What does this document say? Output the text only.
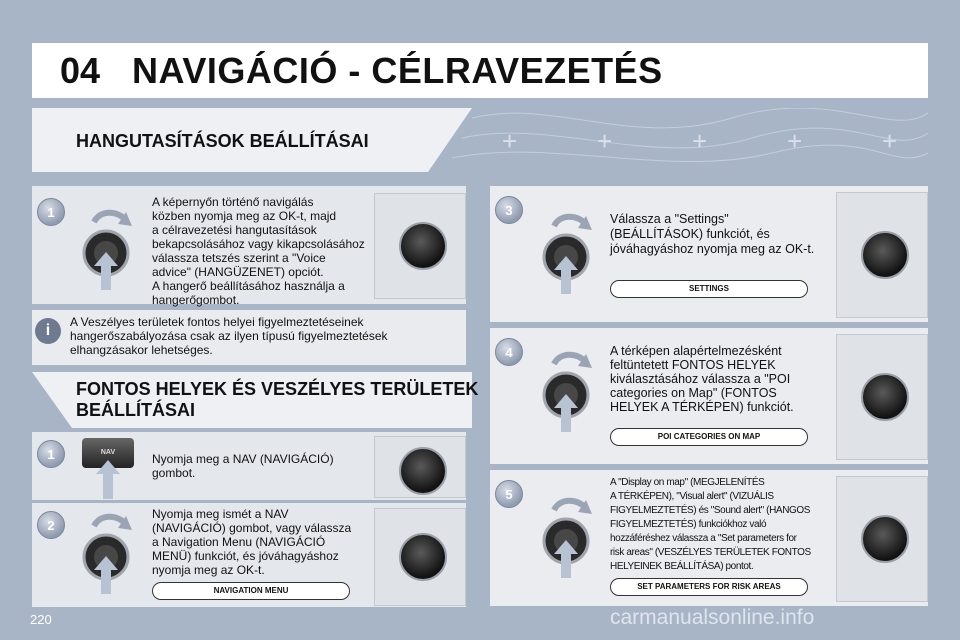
04 NAVIGÁCIÓ - CÉLRAVEZETÉS
+	+	+	+	+
HANGUTASÍTÁSOK BEÁLLÍTÁSAI
1
A képernyőn történő navigálás
közben nyomja meg az OK-t, majd
a célravezetési hangutasítások
bekapcsolásához vagy kikapcsolásához
válassza tetszés szerint a "Voice
advice" (HANGÜZENET) opciót.
A hangerő beállításához használja a
hangerőgombot.
i	A Veszélyes területek fontos helyei figyelmeztetéseinek
hangerőszabályozása csak az ilyen típusú figyelmeztetések
elhangzásakor lehetséges.
FONTOS HELYEK ÉS VESZÉLYES TERÜLETEK
BEÁLLÍTÁSAI
1	NAV	Nyomja meg a NAV (NAVIGÁCIÓ)
gombot.
2
Nyomja meg ismét a NAV
(NAVIGÁCIÓ) gombot, vagy válassza
a Navigation Menu (NAVIGÁCIÓ
MENÜ) funkciót, és jóváhagyáshoz
nyomja meg az OK-t.
NAVIGATION MENU
3
Válassza a "Settings"
(BEÁLLÍTÁSOK) funkciót, és
jóváhagyáshoz nyomja meg az OK-t.
SETTINGS
4	A térképen alapértelmezésként
feltüntetett FONTOS HELYEK
kiválasztásához válassza a "POI
categories on Map" (FONTOS
HELYEK A TÉRKÉPEN) funkciót.
POI CATEGORIES ON MAP
5
A "Display on map" (MEGJELENÍTÉS
A TÉRKÉPEN), "Visual alert" (VIZUÁLIS
FIGYELMEZTETÉS) és "Sound alert" (HANGOS
FIGYELMEZTETÉS) funkciókhoz való
hozzáféréshez válassza a "Set parameters for
risk areas" (VESZÉLYES TERÜLETEK FONTOS
HELYEINEK BEÁLLÍTÁSA) pontot.
SET PARAMETERS FOR RISK AREAS
220	carmanualsonline.info
